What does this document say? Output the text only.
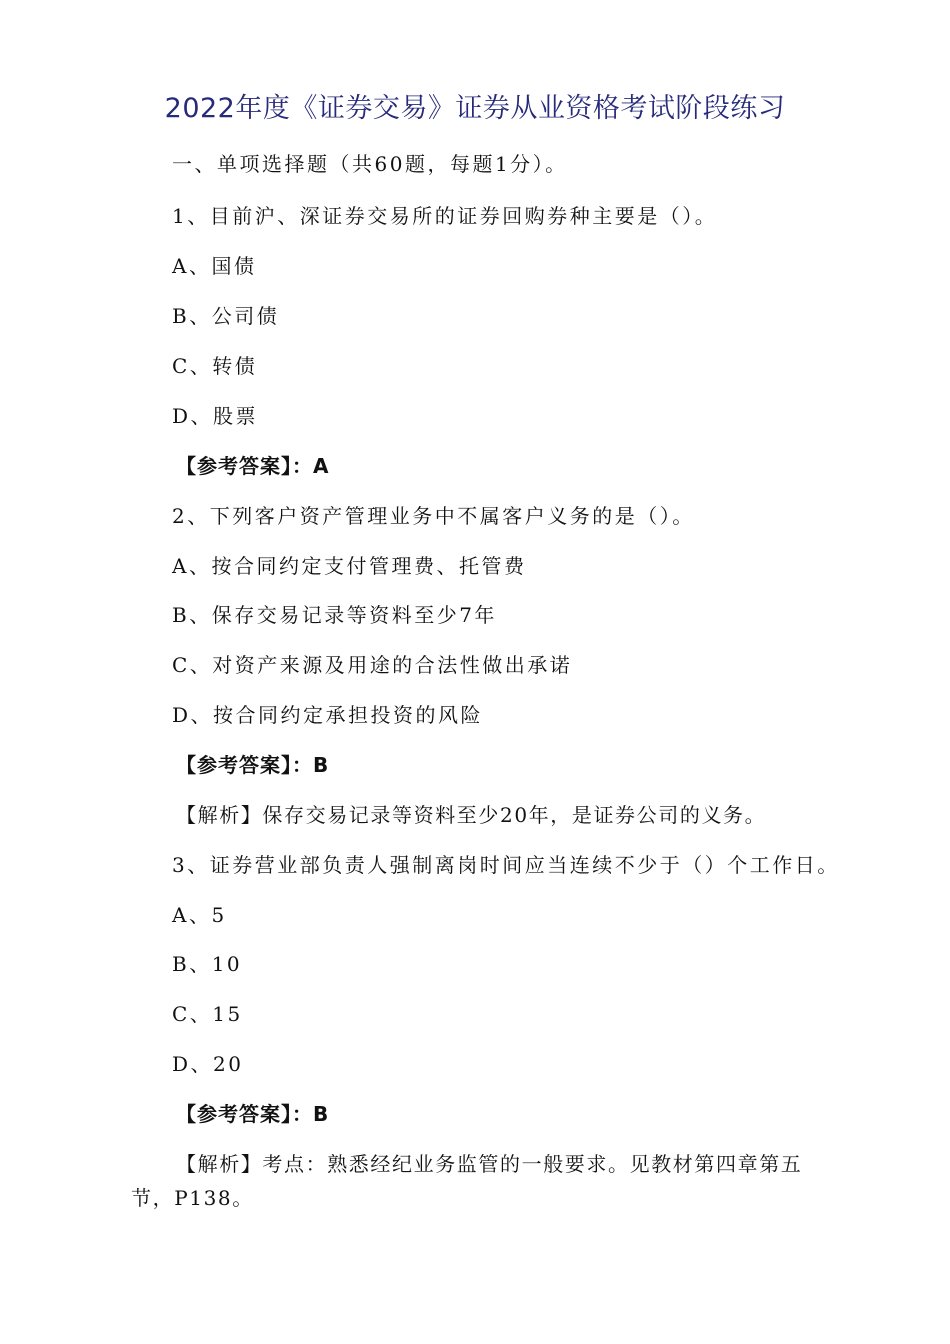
2022年度《证券交易》证券从业资格考试阶段练习
一、单项选择题（共60题，每题1分）。
1、目前沪、深证券交易所的证券回购券种主要是（）。
A、国债
B、公司债
C、转债
D、股票
【参考答案】：A
2、下列客户资产管理业务中不属客户义务的是（）。
A、按合同约定支付管理费、托管费
B、保存交易记录等资料至少7年
C、对资产来源及用途的合法性做出承诺
D、按合同约定承担投资的风险
【参考答案】：B
【解析】保存交易记录等资料至少20年，是证券公司的义务。
3、证券营业部负责人强制离岗时间应当连续不少于（）个工作日。
A、5
B、10
C、15
D、20
【参考答案】：B
【解析】考点：熟悉经纪业务监管的一般要求。见教材第四章第五
节，P138。
